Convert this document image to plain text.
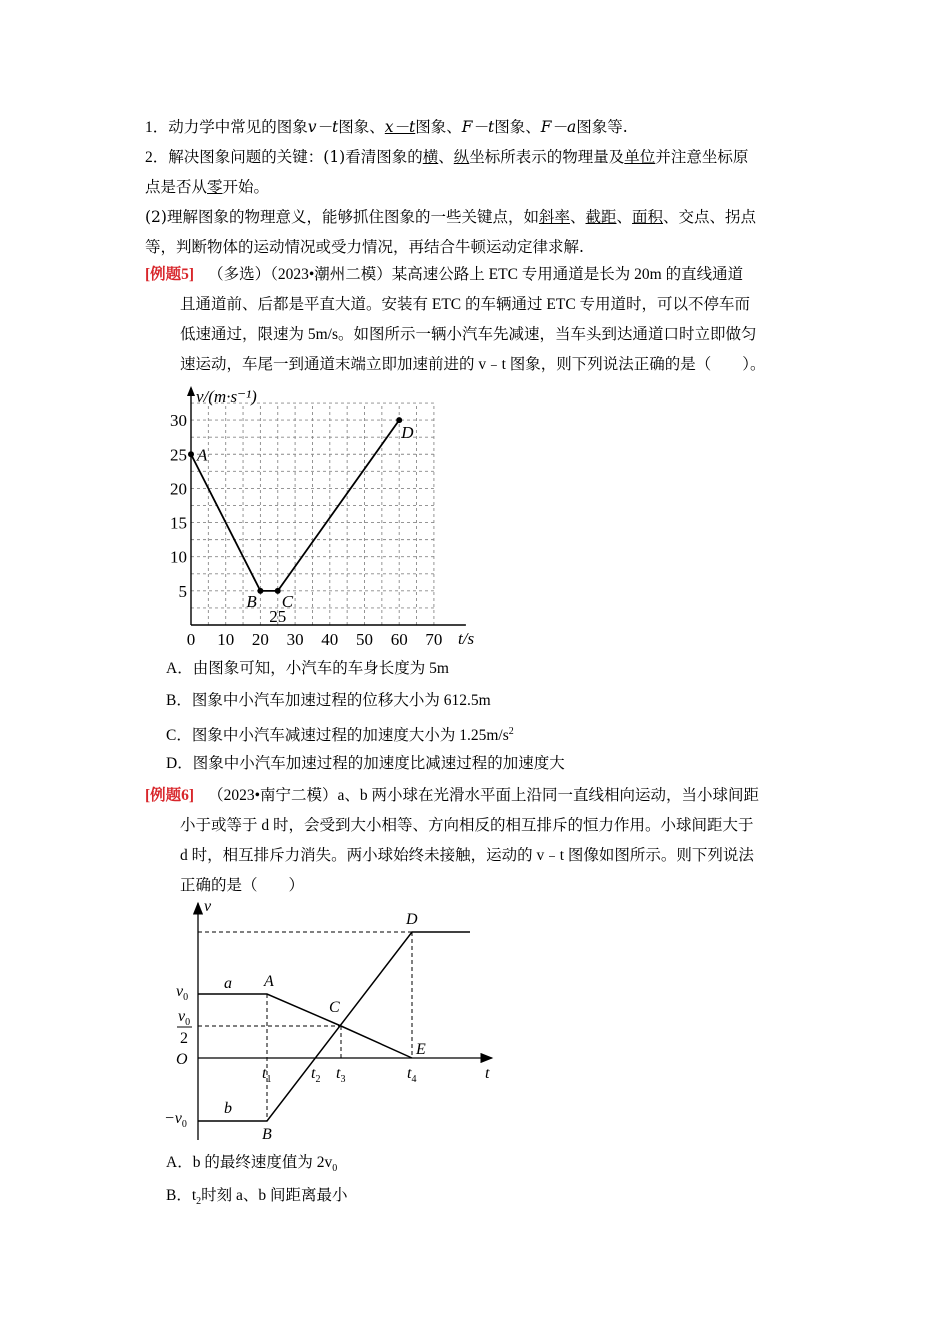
1．动力学中常见的图象v－t图象、x－t图象、F－t图象、F－a图象等.
2．解决图象问题的关键：(1)看清图象的横、纵坐标所表示的物理量及单位并注意坐标原
点是否从零开始。
(2)理解图象的物理意义，能够抓住图象的一些关键点，如斜率、截距、面积、交点、拐点
等，判断物体的运动情况或受力情况，再结合牛顿运动定律求解.
[例题5] （多选）（2023•潮州二模）某高速公路上 ETC 专用通道是长为 20m 的直线通道
且通道前、后都是平直大道。安装有 ETC 的车辆通过 ETC 专用道时，可以不停车而
低速通过，限速为 5m/s。如图所示一辆小汽车先减速，当车头到达通道口时立即做匀
速运动，车尾一到通道末端立即加速前进的 v﹣t 图象，则下列说法正确的是（　　）。
0 10 20 30 40 50 60 70
5
10
15
20
25
30
A
B C
D
v/(m·s⁻¹)
t/s
25
A．由图象可知，小汽车的车身长度为 5m
B．图象中小汽车加速过程的位移大小为 612.5m
C．图象中小汽车减速过程的加速度大小为 $1.25m/s^2$
D．图象中小汽车加速过程的加速度比减速过程的加速度大
[例题6] （2023•南宁二模）a、b 两小球在光滑水平面上沿同一直线相向运动，当小球间距
小于或等于 d 时，会受到大小相等、方向相反的相互排斥的恒力作用。小球间距大于
d 时，相互排斥力消失。两小球始终未接触，运动的 v﹣t 图像如图所示。则下列说法
正确的是（　　）
v
t
O
$v_0$
$v_0$
2
$-v_0$
$t_1$ $t_2$ $t_3$	$t_4$
a
b
A
C
E
B
D
A．b 的最终速度值为 $2v_0$
B．$t_2$时刻 a、b 间距离最小
